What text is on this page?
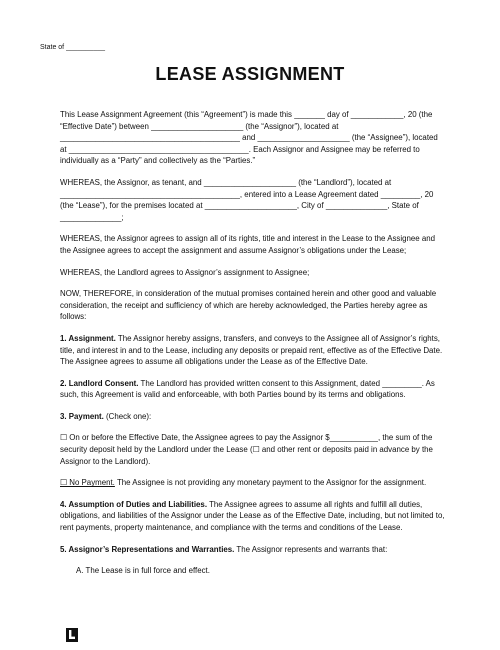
State of __________
LEASE ASSIGNMENT

This Lease Assignment Agreement (this “Agreement”) is made this _______ day of ____________, 20 (the “Effective Date”) between _____________________ (the “Assignor”), located at _________________________________________ and _____________________ (the “Assignee”), located at _________________________________________. Each Assignor and Assignee may be referred to individually as a “Party” and collectively as the “Parties.”

WHEREAS, the Assignor, as tenant, and _____________________ (the “Landlord”), located at _________________________________________, entered into a Lease Agreement dated _________, 20 (the “Lease”), for the premises located at _____________________, City of ______________, State of ______________;

WHEREAS, the Assignor agrees to assign all of its rights, title and interest in the Lease to the Assignee and the Assignee agrees to accept the assignment and assume Assignor’s obligations under the Lease;

WHEREAS, the Landlord agrees to Assignor’s assignment to Assignee;

NOW, THEREFORE, in consideration of the mutual promises contained herein and other good and valuable consideration, the receipt and sufficiency of which are hereby acknowledged, the Parties hereby agree as follows:

1. Assignment. The Assignor hereby assigns, transfers, and conveys to the Assignee all of Assignor’s rights, title, and interest in and to the Lease, including any deposits or prepaid rent, effective as of the Effective Date. The Assignee agrees to assume all obligations under the Lease as of the Effective Date.

2. Landlord Consent. The Landlord has provided written consent to this Assignment, dated _________. As such, this Agreement is valid and enforceable, with both Parties bound by its terms and obligations.

3. Payment. (Check one):

☐ On or before the Effective Date, the Assignee agrees to pay the Assignor $___________, the sum of the security deposit held by the Landlord under the Lease (☐ and other rent or deposits paid in advance by the Assignor to the Landlord).

☐ No Payment. The Assignee is not providing any monetary payment to the Assignor for the assignment.

4. Assumption of Duties and Liabilities. The Assignee agrees to assume all rights and fulfill all duties, obligations, and liabilities of the Assignor under the Lease as of the Effective Date, including, but not limited to, rent payments, property maintenance, and compliance with the terms and conditions of the Lease.

5. Assignor’s Representations and Warranties. The Assignor represents and warrants that:

A. The Lease is in full force and effect.
